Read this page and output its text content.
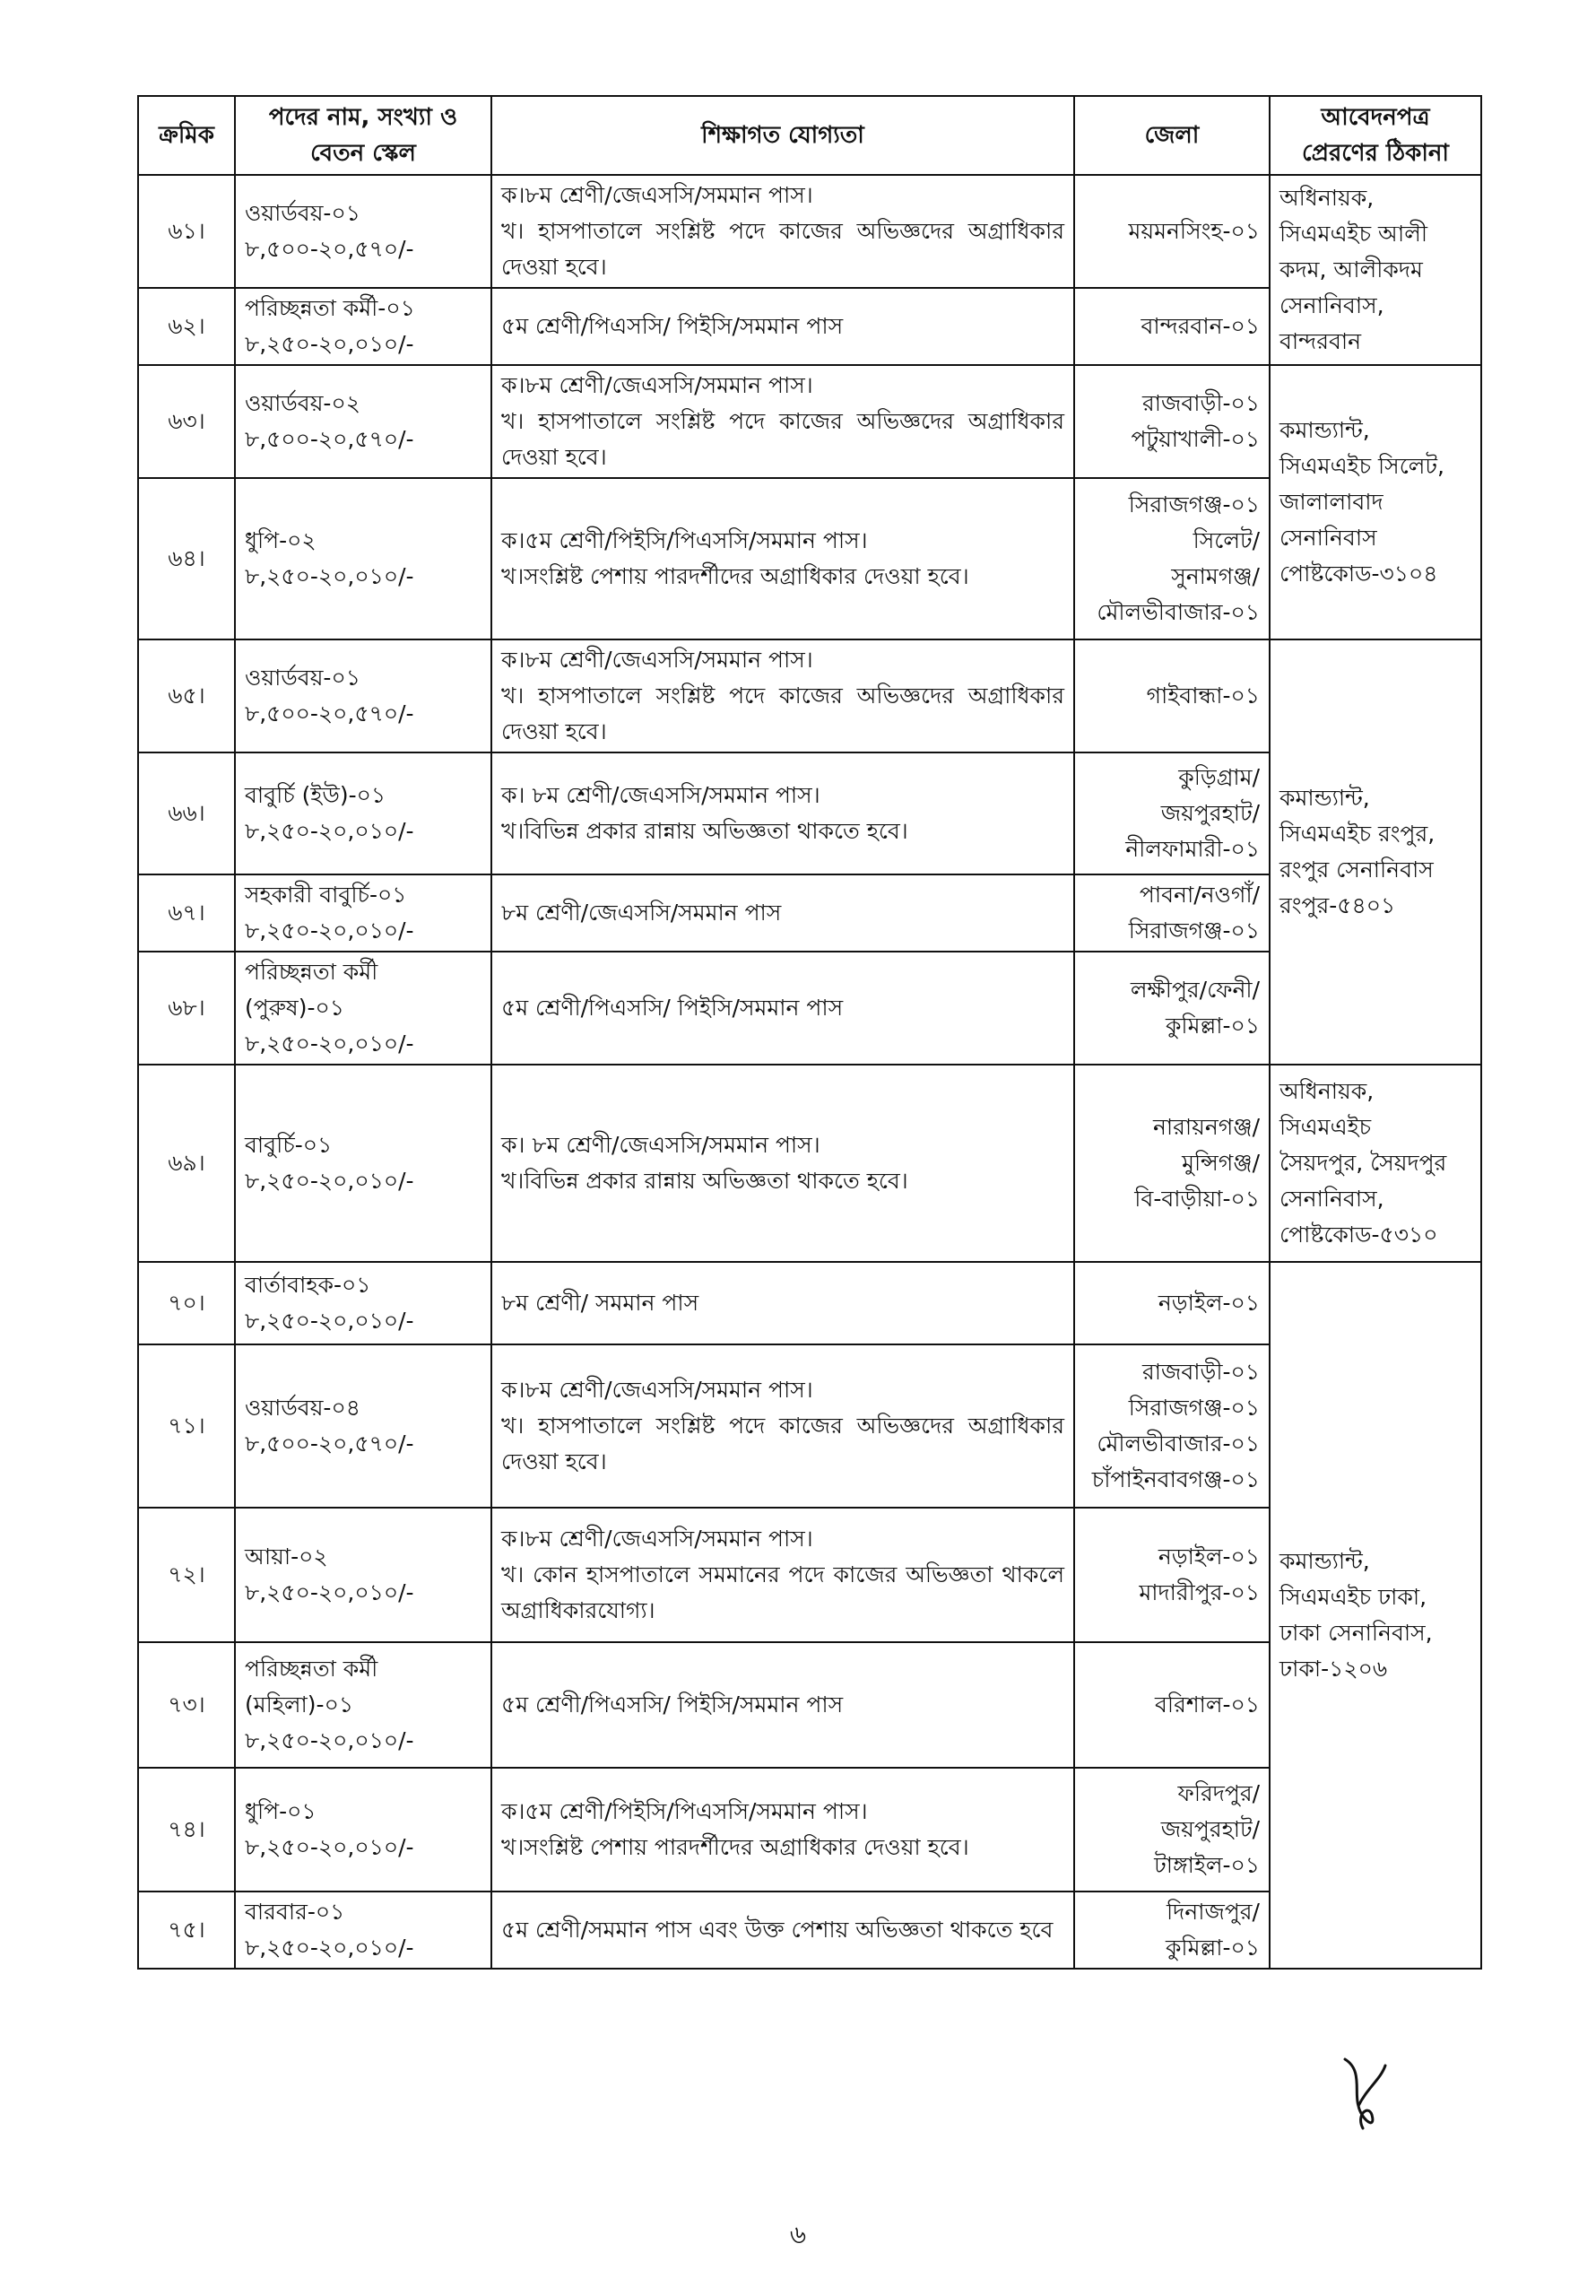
ক্রমিক	পদের নাম, সংখ্যা ও
বেতন স্কেল	শিক্ষাগত যোগ্যতা	জেলা	আবেদনপত্র
প্রেরণের ঠিকানা

৬১।	ওয়ার্ডবয়-০১
৮,৫০০-২০,৫৭০/-	ক।৮ম শ্রেণী/জেএসসি/সমমান পাস।
খ। হাসপাতালে সংশ্লিষ্ট পদে কাজের অভিজ্ঞদের অগ্রাধিকার দেওয়া হবে।	ময়মনসিংহ-০১	অধিনায়ক,
সিএমএইচ আলী
কদম, আলীকদম
সেনানিবাস,
বান্দরবান

৬২।	পরিচ্ছন্নতা কর্মী-০১
৮,২৫০-২০,০১০/-	৫ম শ্রেণী/পিএসসি/ পিইসি/সমমান পাস	বান্দরবান-০১	

৬৩।	ওয়ার্ডবয়-০২
৮,৫০০-২০,৫৭০/-	ক।৮ম শ্রেণী/জেএসসি/সমমান পাস।
খ। হাসপাতালে সংশ্লিষ্ট পদে কাজের অভিজ্ঞদের অগ্রাধিকার দেওয়া হবে।	রাজবাড়ী-০১
পটুয়াখালী-০১	কমান্ড্যান্ট,
সিএমএইচ সিলেট,
জালালাবাদ
সেনানিবাস
পোষ্টকোড-৩১০৪

৬৪।	ধুপি-০২
৮,২৫০-২০,০১০/-	ক।৫ম শ্রেণী/পিইসি/পিএসসি/সমমান পাস।
খ।সংশ্লিষ্ট পেশায় পারদর্শীদের অগ্রাধিকার দেওয়া হবে।	সিরাজগঞ্জ-০১
সিলেট/
সুনামগঞ্জ/
মৌলভীবাজার-০১	

৬৫।	ওয়ার্ডবয়-০১
৮,৫০০-২০,৫৭০/-	ক।৮ম শ্রেণী/জেএসসি/সমমান পাস।
খ। হাসপাতালে সংশ্লিষ্ট পদে কাজের অভিজ্ঞদের অগ্রাধিকার দেওয়া হবে।	গাইবান্ধা-০১	কমান্ড্যান্ট,
সিএমএইচ রংপুর,
রংপুর সেনানিবাস
রংপুর-৫৪০১

৬৬।	বাবুর্চি (ইউ)-০১
৮,২৫০-২০,০১০/-	ক। ৮ম শ্রেণী/জেএসসি/সমমান পাস।
খ।বিভিন্ন প্রকার রান্নায় অভিজ্ঞতা থাকতে হবে।	কুড়িগ্রাম/
জয়পুরহাট/
নীলফামারী-০১	

৬৭।	সহকারী বাবুর্চি-০১
৮,২৫০-২০,০১০/-	৮ম শ্রেণী/জেএসসি/সমমান পাস	পাবনা/নওগাঁ/
সিরাজগঞ্জ-০১	

৬৮।	পরিচ্ছন্নতা কর্মী
(পুরুষ)-০১
৮,২৫০-২০,০১০/-	৫ম শ্রেণী/পিএসসি/ পিইসি/সমমান পাস	লক্ষীপুর/ফেনী/
কুমিল্লা-০১	

৬৯।	বাবুর্চি-০১
৮,২৫০-২০,০১০/-	ক। ৮ম শ্রেণী/জেএসসি/সমমান পাস।
খ।বিভিন্ন প্রকার রান্নায় অভিজ্ঞতা থাকতে হবে।	নারায়নগঞ্জ/
মুন্সিগঞ্জ/
বি-বাড়ীয়া-০১	অধিনায়ক,
সিএমএইচ
সৈয়দপুর, সৈয়দপুর
সেনানিবাস,
পোষ্টকোড-৫৩১০

৭০।	বার্তাবাহক-০১
৮,২৫০-২০,০১০/-	৮ম শ্রেণী/ সমমান পাস	নড়াইল-০১	কমান্ড্যান্ট,
সিএমএইচ ঢাকা,
ঢাকা সেনানিবাস,
ঢাকা-১২০৬

৭১।	ওয়ার্ডবয়-০৪
৮,৫০০-২০,৫৭০/-	ক।৮ম শ্রেণী/জেএসসি/সমমান পাস।
খ। হাসপাতালে সংশ্লিষ্ট পদে কাজের অভিজ্ঞদের অগ্রাধিকার দেওয়া হবে।	রাজবাড়ী-০১
সিরাজগঞ্জ-০১
মৌলভীবাজার-০১
চাঁপাইনবাবগঞ্জ-০১	

৭২।	আয়া-০২
৮,২৫০-২০,০১০/-	ক।৮ম শ্রেণী/জেএসসি/সমমান পাস।
খ। কোন হাসপাতালে সমমানের পদে কাজের অভিজ্ঞতা থাকলে অগ্রাধিকারযোগ্য।	নড়াইল-০১
মাদারীপুর-০১	

৭৩।	পরিচ্ছন্নতা কর্মী
(মহিলা)-০১
৮,২৫০-২০,০১০/-	৫ম শ্রেণী/পিএসসি/ পিইসি/সমমান পাস	বরিশাল-০১	

৭৪।	ধুপি-০১
৮,২৫০-২০,০১০/-	ক।৫ম শ্রেণী/পিইসি/পিএসসি/সমমান পাস।
খ।সংশ্লিষ্ট পেশায় পারদর্শীদের অগ্রাধিকার দেওয়া হবে।	ফরিদপুর/
জয়পুরহাট/
টাঙ্গাইল-০১	

৭৫।	বারবার-০১
৮,২৫০-২০,০১০/-	৫ম শ্রেণী/সমমান পাস এবং উক্ত পেশায় অভিজ্ঞতা থাকতে হবে	দিনাজপুর/
কুমিল্লা-০১	
৬
